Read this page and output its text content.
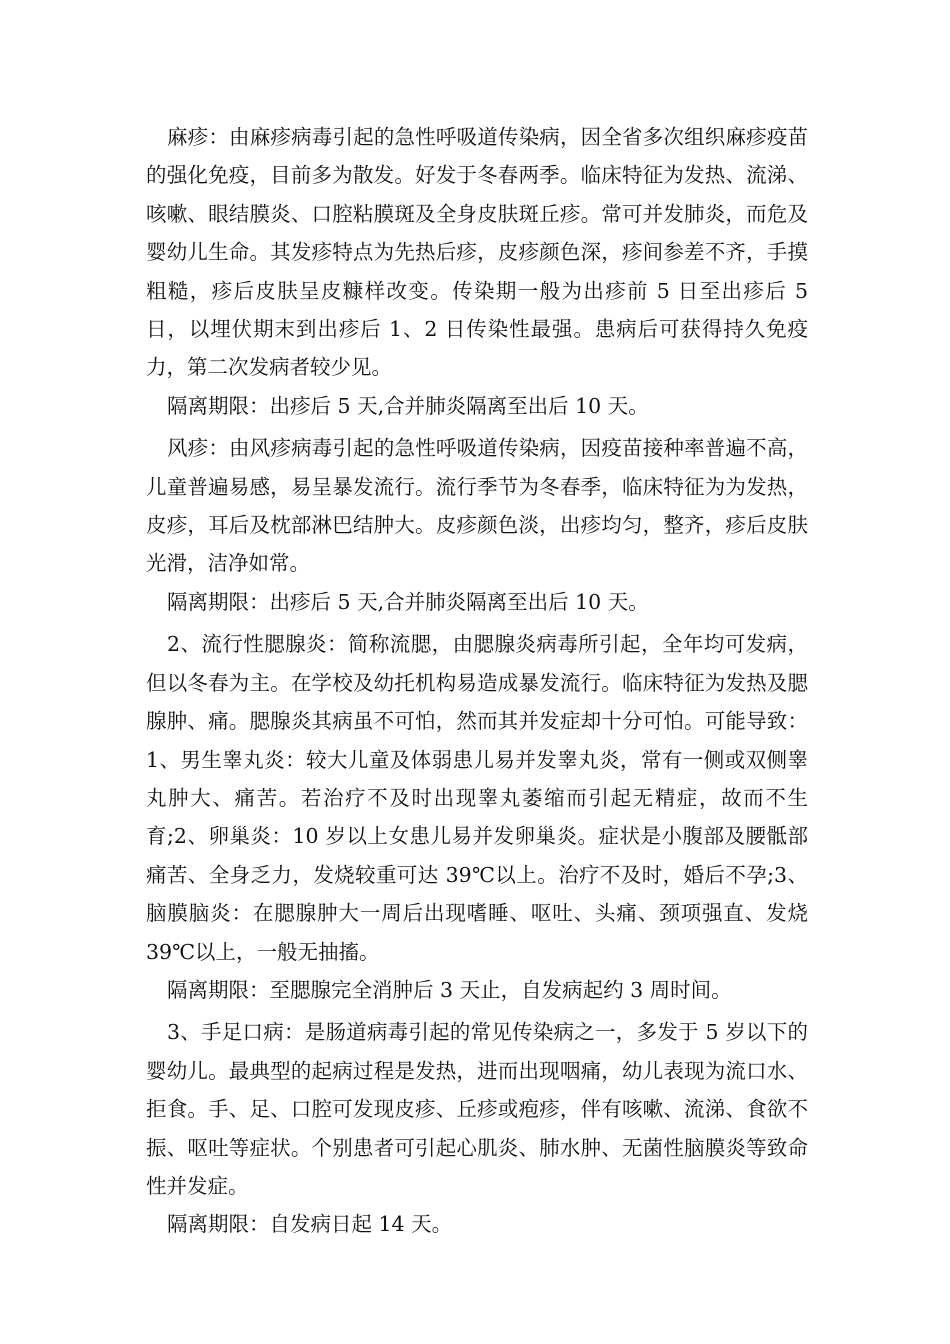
麻疹：由麻疹病毒引起的急性呼吸道传染病，因全省多次组织麻疹疫苗的强化免疫，目前多为散发。好发于冬春两季。临床特征为发热、流涕、咳嗽、眼结膜炎、口腔粘膜斑及全身皮肤斑丘疹。常可并发肺炎，而危及婴幼儿生命。其发疹特点为先热后疹，皮疹颜色深，疹间参差不齐，手摸粗糙，疹后皮肤呈皮糠样改变。传染期一般为出疹前 5 日至出疹后 5 日，以埋伏期末到出疹后 1、2 日传染性最强。患病后可获得持久免疫力，第二次发病者较少见。

隔离期限：出疹后 5 天,合并肺炎隔离至出后 10 天。

风疹：由风疹病毒引起的急性呼吸道传染病，因疫苗接种率普遍不高，儿童普遍易感，易呈暴发流行。流行季节为冬春季，临床特征为为发热，皮疹，耳后及枕部淋巴结肿大。皮疹颜色淡，出疹均匀，整齐，疹后皮肤光滑，洁净如常。

隔离期限：出疹后 5 天,合并肺炎隔离至出后 10 天。

2、流行性腮腺炎：简称流腮，由腮腺炎病毒所引起，全年均可发病，但以冬春为主。在学校及幼托机构易造成暴发流行。临床特征为发热及腮腺肿、痛。腮腺炎其病虽不可怕，然而其并发症却十分可怕。可能导致：1、男生睾丸炎：较大儿童及体弱患儿易并发睾丸炎，常有一侧或双侧睾丸肿大、痛苦。若治疗不及时出现睾丸萎缩而引起无精症，故而不生育;2、卵巢炎：10 岁以上女患儿易并发卵巢炎。症状是小腹部及腰骶部痛苦、全身乏力，发烧较重可达 39℃以上。治疗不及时，婚后不孕;3、脑膜脑炎：在腮腺肿大一周后出现嗜睡、呕吐、头痛、颈项强直、发烧 39℃以上，一般无抽搐。

隔离期限：至腮腺完全消肿后 3 天止，自发病起约 3 周时间。

3、手足口病：是肠道病毒引起的常见传染病之一，多发于 5 岁以下的婴幼儿。最典型的起病过程是发热，进而出现咽痛，幼儿表现为流口水、拒食。手、足、口腔可发现皮疹、丘疹或疱疹，伴有咳嗽、流涕、食欲不振、呕吐等症状。个别患者可引起心肌炎、肺水肿、无菌性脑膜炎等致命性并发症。

隔离期限：自发病日起 14 天。
